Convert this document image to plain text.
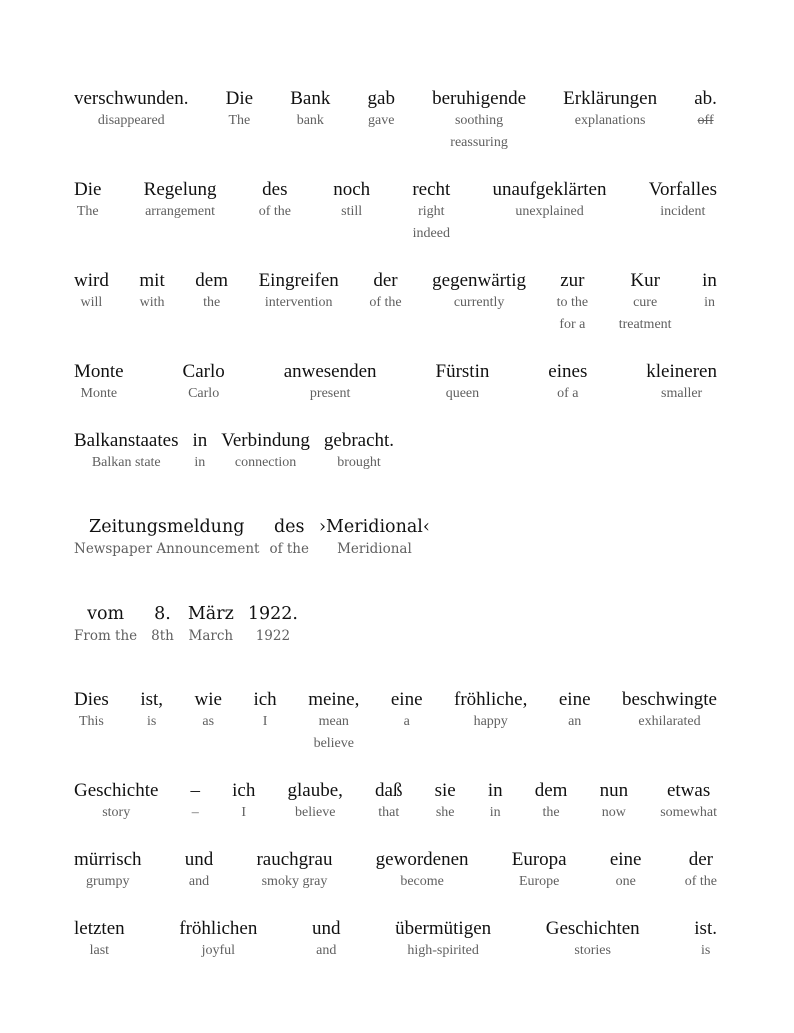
verschwunden.
disappeared
Die
The
Bank
bank
gab
gave
beruhigende
soothing
reassuring
Erklärungen
explanations
ab.
off
Die
The
Regelung
arrangement
des
of the
noch
still
recht
right
indeed
unaufgeklärten
unexplained
Vorfalles
incident
wird
will
mit
with
dem
the
Eingreifen
intervention
der
of the
gegenwärtig
currently
zur
to the
for a
Kur
cure
treatment
in
in
Monte
Monte
Carlo
Carlo
anwesenden
present
Fürstin
queen
eines
of a
kleineren
smaller
Balkanstaates
Balkan state
in
in
Verbindung
connection
gebracht.
brought
Zeitungsmeldung
Newspaper Announcement
des
of the
›Meridional‹
Meridional
vom
From the
8.
8th
März
March
1922.
1922
Dies
This
ist,
is
wie
as
ich
I
meine,
mean
believe
eine
a
fröhliche,
happy
eine
an
beschwingte
exhilarated
Geschichte
story
–
–
ich
I
glaube,
believe
daß
that
sie
she
in
in
dem
the
nun
now
etwas
somewhat
mürrisch
grumpy
und
and
rauchgrau
smoky gray
gewordenen
become
Europa
Europe
eine
one
der
of the
letzten
last
fröhlichen
joyful
und
and
übermütigen
high-spirited
Geschichten
stories
ist.
is
